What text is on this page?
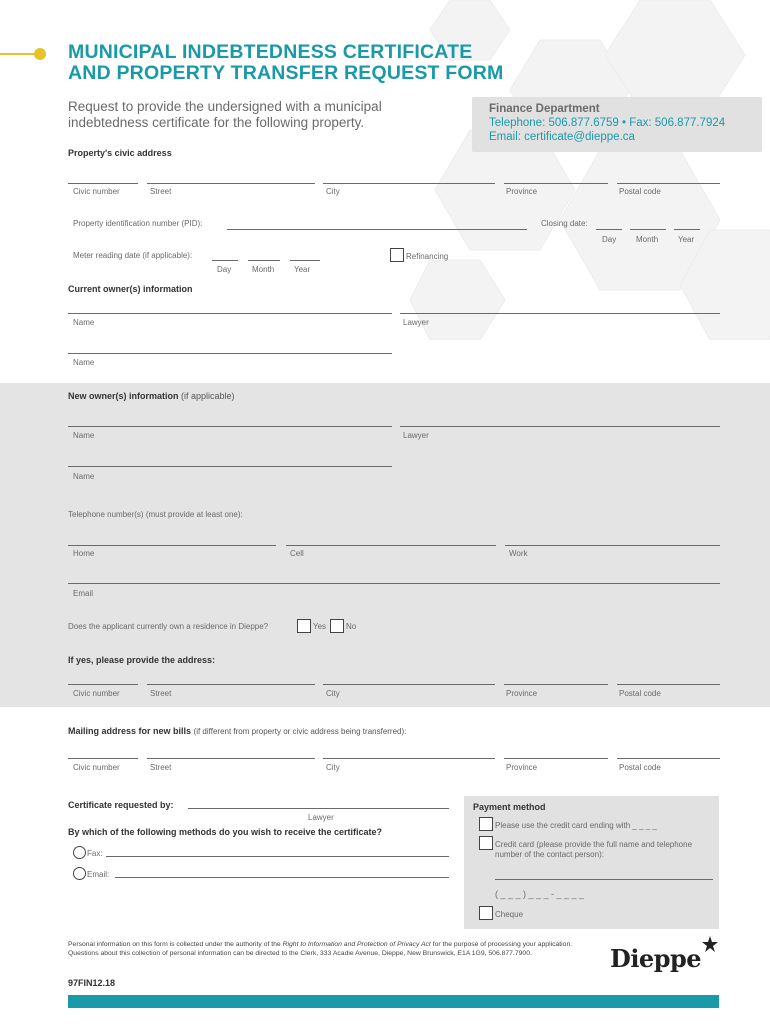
MUNICIPAL INDEBTEDNESS CERTIFICATE
AND PROPERTY TRANSFER REQUEST FORM
Request to provide the undersigned with a municipal indebtedness certificate for the following property.
Finance Department
Telephone: 506.877.6759 • Fax: 506.877.7924
Email: certificate@dieppe.ca
Property's civic address
Civic number	Street	City	Province	Postal code
Property identification number (PID):	Closing date:
Day Month Year
Meter reading date (if applicable):
Day	Month Year
Refinancing
Current owner(s) information
Name	Lawyer
Name
New owner(s) information (if applicable)
Name	Lawyer
Name
Telephone number(s) (must provide at least one):
Home	Cell	Work
Email
Does the applicant currently own a residence in Dieppe?	Yes No
If yes, please provide the address:
Civic number	Street	City	Province	Postal code
Mailing address for new bills (if different from property or civic address being transferred):
Civic number	Street	City	Province	Postal code
Certificate requested by:
Lawyer
By which of the following methods do you wish to receive the certificate?
Fax:
Email:
Payment method
Please use the credit card ending with _ _ _ _
Credit card (please provide the full name and telephone number of the contact person):
( _ _ _ ) _ _ _ - _ _ _ _
Cheque
Personal information on this form is collected under the authority of the Right to Information and Protection of Privacy Act for the purpose of processing your application. Questions about this collection of personal information can be directed to the Clerk, 333 Acadie Avenue, Dieppe, New Brunswick, E1A 1G9, 506.877.7900.
97FIN12.18
Dieppe
